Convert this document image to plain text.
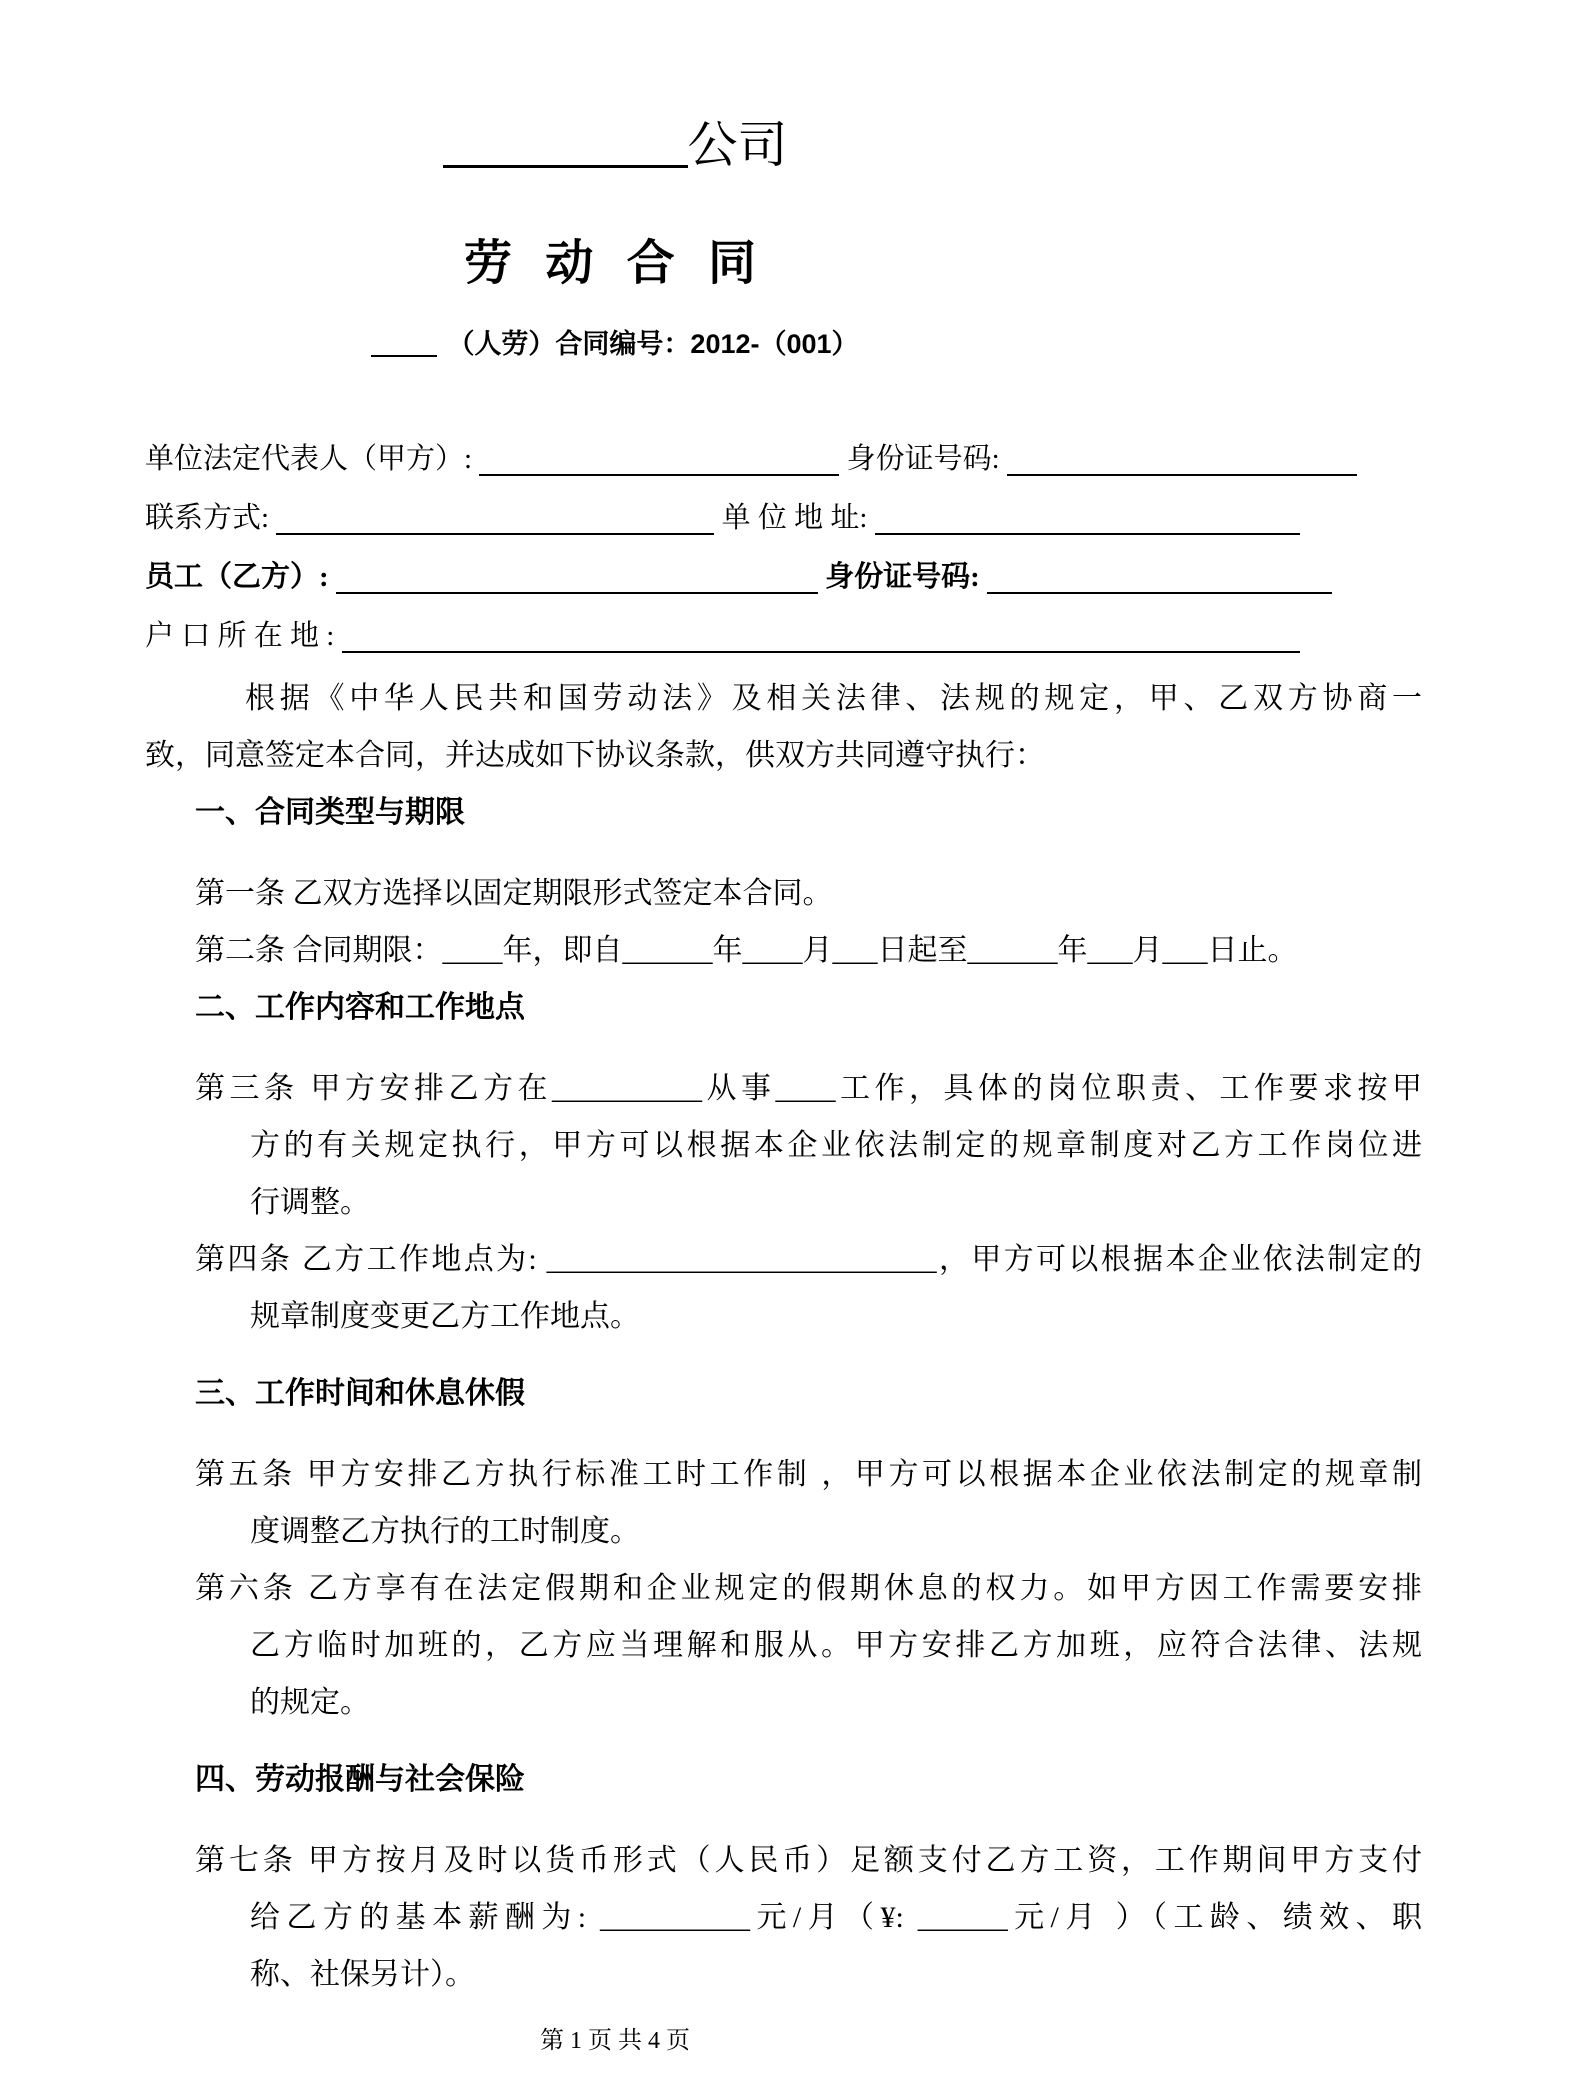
公司
劳 动 合 同
（人劳）合同编号：2012-（001）
单位法定代表人（甲方）:	身份证号码:
联系方式:	单 位 地 址:
员工（乙方）:	身份证号码:
户 口 所 在 地 :
根据《中华人民共和国劳动法》及相关法律、法规的规定，甲、乙双方协商一
致，同意签定本合同，并达成如下协议条款，供双方共同遵守执行：
一、合同类型与期限
第一条 乙双方选择以固定期限形式签定本合同。
第二条 合同期限：____年，即自______年____月___日起至______年___月___日止。
二、工作内容和工作地点
第三条 甲方安排乙方在__________从事____工作，具体的岗位职责、工作要求按甲
方的有关规定执行，甲方可以根据本企业依法制定的规章制度对乙方工作岗位进
行调整。
第四条 乙方工作地点为: __________________________，甲方可以根据本企业依法制定的
规章制度变更乙方工作地点。
三、工作时间和休息休假
第五条 甲方安排乙方执行标准工时工作制 ，甲方可以根据本企业依法制定的规章制
度调整乙方执行的工时制度。
第六条 乙方享有在法定假期和企业规定的假期休息的权力。如甲方因工作需要安排
乙方临时加班的，乙方应当理解和服从。甲方安排乙方加班，应符合法律、法规
的规定。
四、劳动报酬与社会保险
第七条 甲方按月及时以货币形式（人民币）足额支付乙方工资，工作期间甲方支付
给乙方的基本薪酬为: __________元/月（¥: ______元/月 ）（工龄、绩效、职
称、社保另计）。
第 1 页 共 4 页
